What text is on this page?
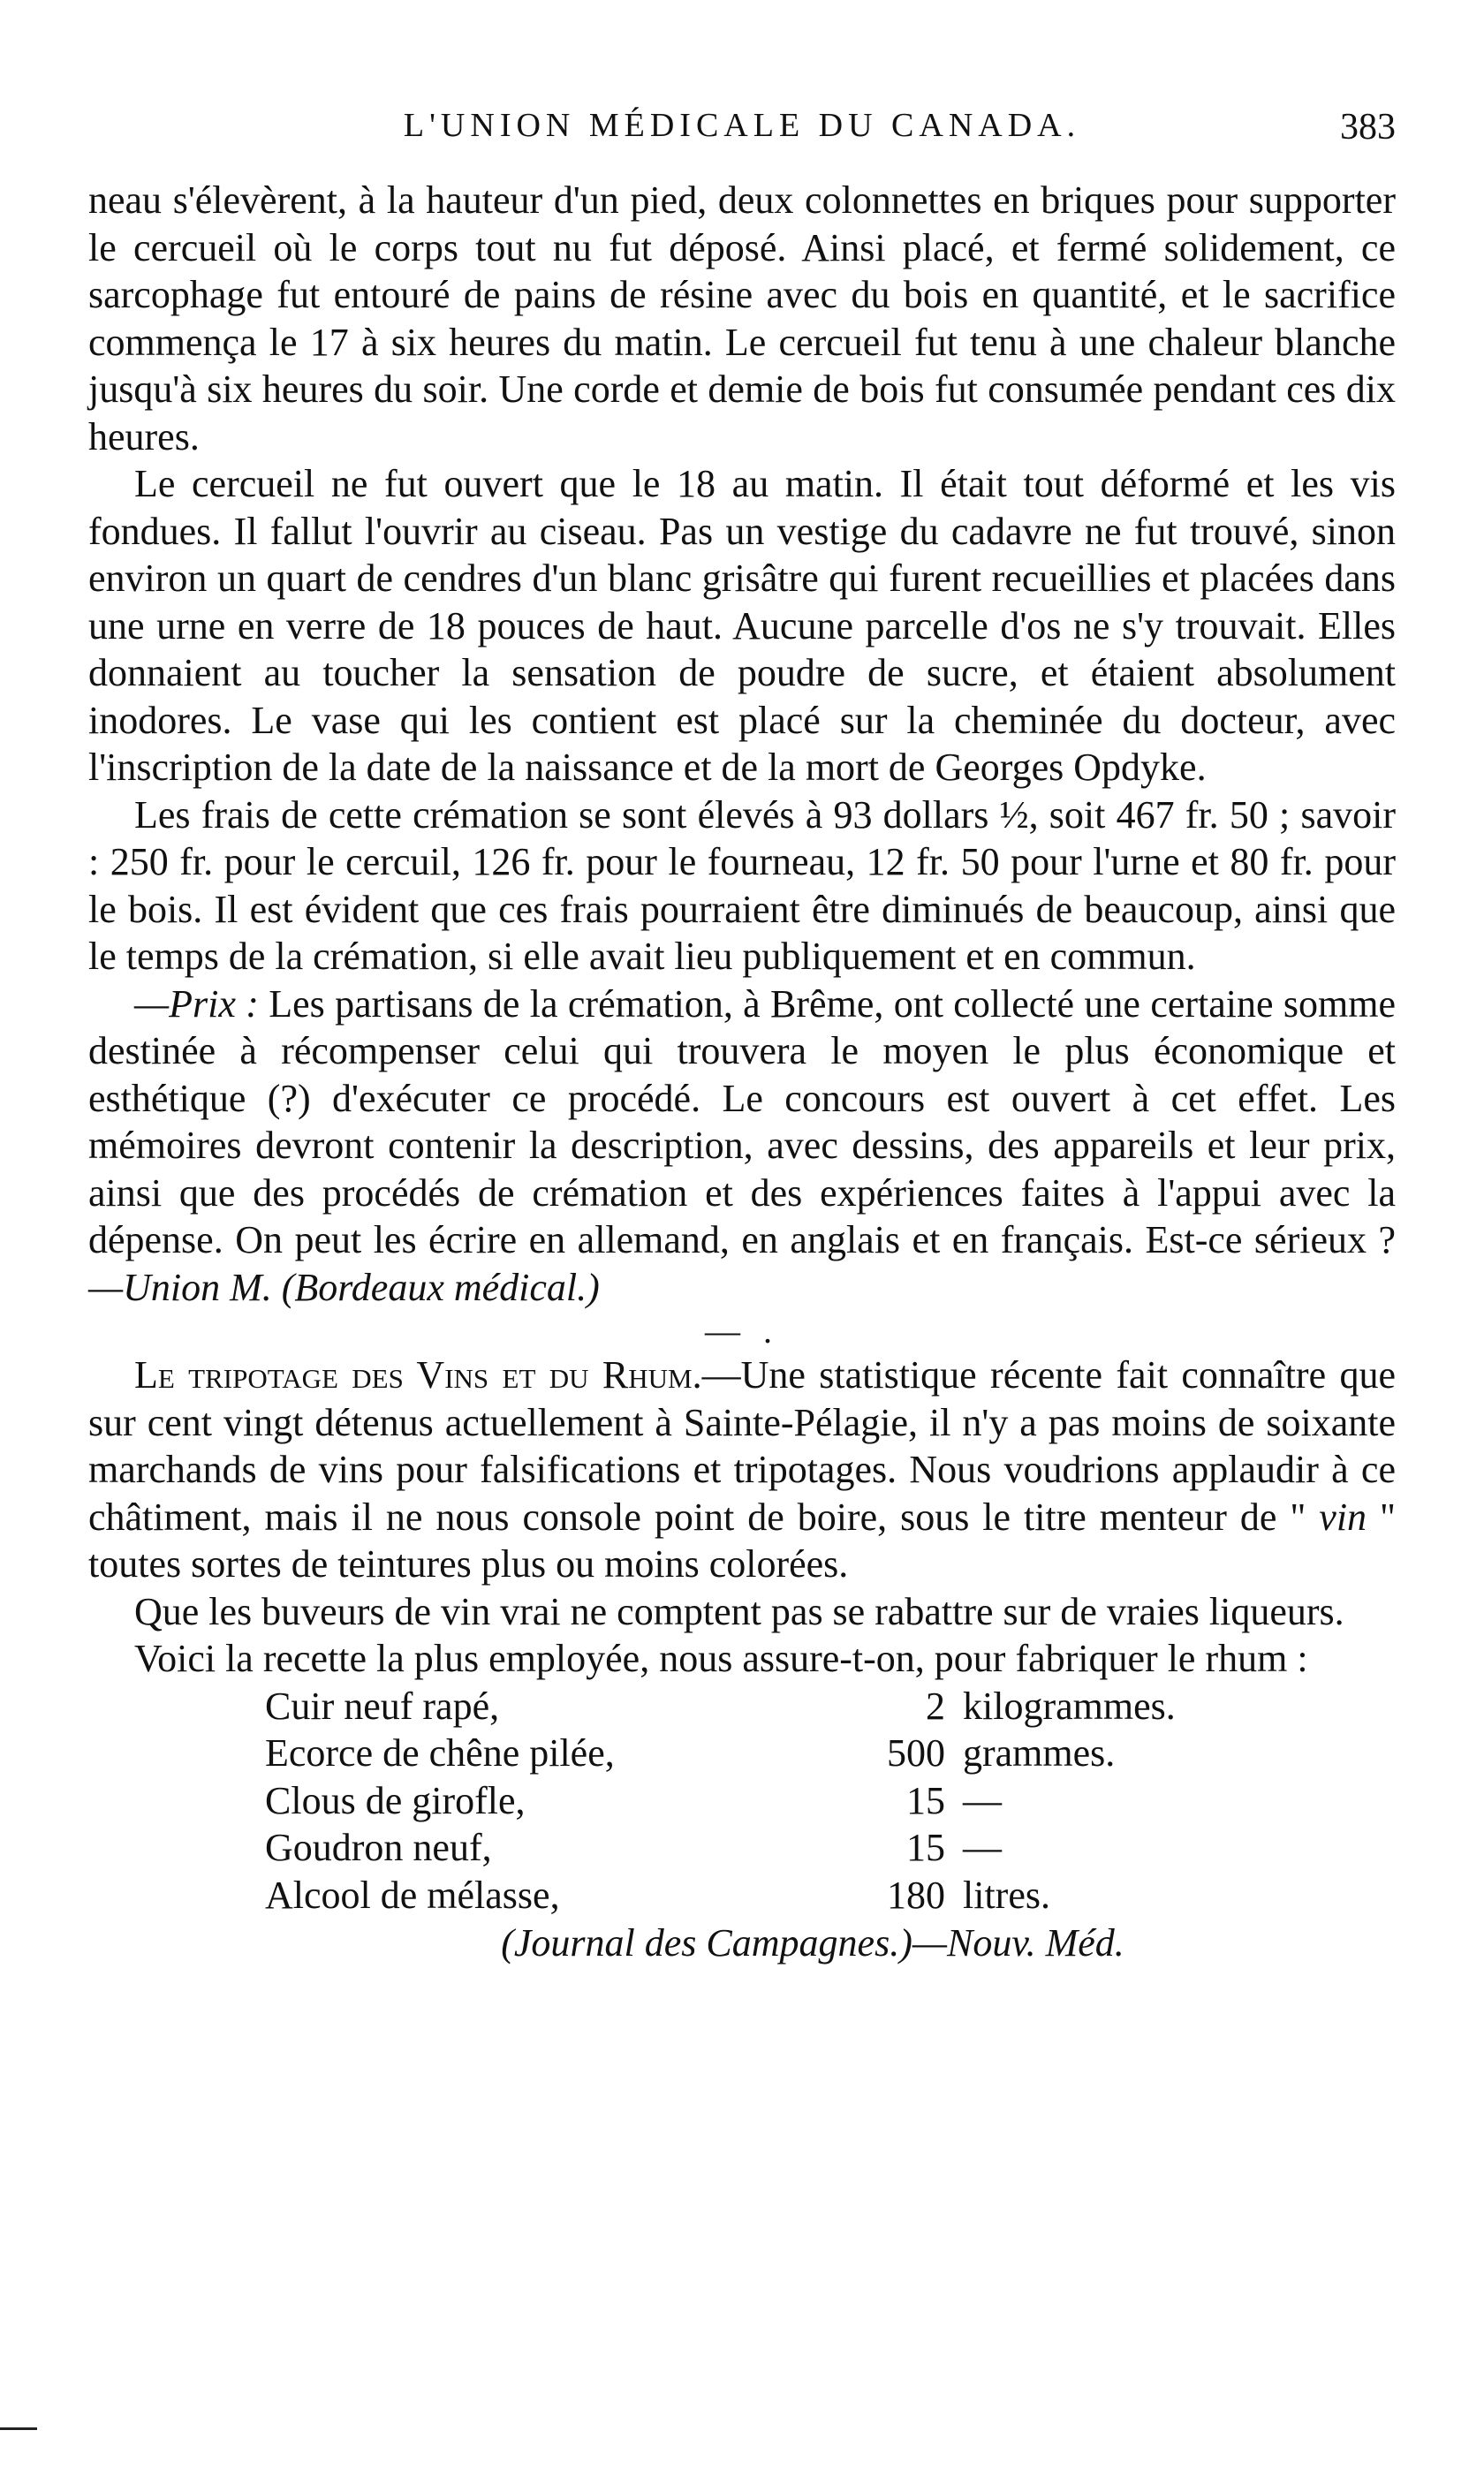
L'UNION MÉDICALE DU CANADA.	383

neau s'élevèrent, à la hauteur d'un pied, deux colonnettes en briques pour supporter le cercueil où le corps tout nu fut déposé. Ainsi placé, et fermé solidement, ce sarcophage fut entouré de pains de résine avec du bois en quantité, et le sacrifice commença le 17 à six heures du matin. Le cercueil fut tenu à une chaleur blanche jusqu'à six heures du soir. Une corde et demie de bois fut consumée pendant ces dix heures.

Le cercueil ne fut ouvert que le 18 au matin. Il était tout déformé et les vis fondues. Il fallut l'ouvrir au ciseau. Pas un vestige du cadavre ne fut trouvé, sinon environ un quart de cendres d'un blanc grisâtre qui furent recueillies et placées dans une urne en verre de 18 pouces de haut. Aucune parcelle d'os ne s'y trouvait. Elles donnaient au toucher la sensation de poudre de sucre, et étaient absolument inodores. Le vase qui les contient est placé sur la cheminée du docteur, avec l'inscription de la date de la naissance et de la mort de Georges Opdyke.

Les frais de cette crémation se sont élevés à 93 dollars ½, soit 467 fr. 50 ; savoir : 250 fr. pour le cercuil, 126 fr. pour le fourneau, 12 fr. 50 pour l'urne et 80 fr. pour le bois. Il est évident que ces frais pourraient être diminués de beaucoup, ainsi que le temps de la crémation, si elle avait lieu publiquement et en commun.

—Prix : Les partisans de la crémation, à Brême, ont collecté une certaine somme destinée à récompenser celui qui trouvera le moyen le plus économique et esthétique (?) d'exécuter ce procédé. Le concours est ouvert à cet effet. Les mémoires devront contenir la description, avec dessins, des appareils et leur prix, ainsi que des procédés de crémation et des expériences faites à l'appui avec la dépense. On peut les écrire en allemand, en anglais et en français. Est-ce sérieux ?—Union M. (Bordeaux médical.)

— .

Le tripotage des Vins et du Rhum.—Une statistique récente fait connaître que sur cent vingt détenus actuellement à Sainte-Pélagie, il n'y a pas moins de soixante marchands de vins pour falsifications et tripotages. Nous voudrions applaudir à ce châtiment, mais il ne nous console point de boire, sous le titre menteur de " vin " toutes sortes de teintures plus ou moins colorées.

Que les buveurs de vin vrai ne comptent pas se rabattre sur de vraies liqueurs.

Voici la recette la plus employée, nous assure-t-on, pour fabriquer le rhum :

Cuir neuf rapé,	2 kilogrammes.
Ecorce de chêne pilée,	500 grammes.
Clous de girofle,	15 —
Goudron neuf,	15 —
Alcool de mélasse,	180 litres.
(Journal des Campagnes.)—Nouv. Méd.
